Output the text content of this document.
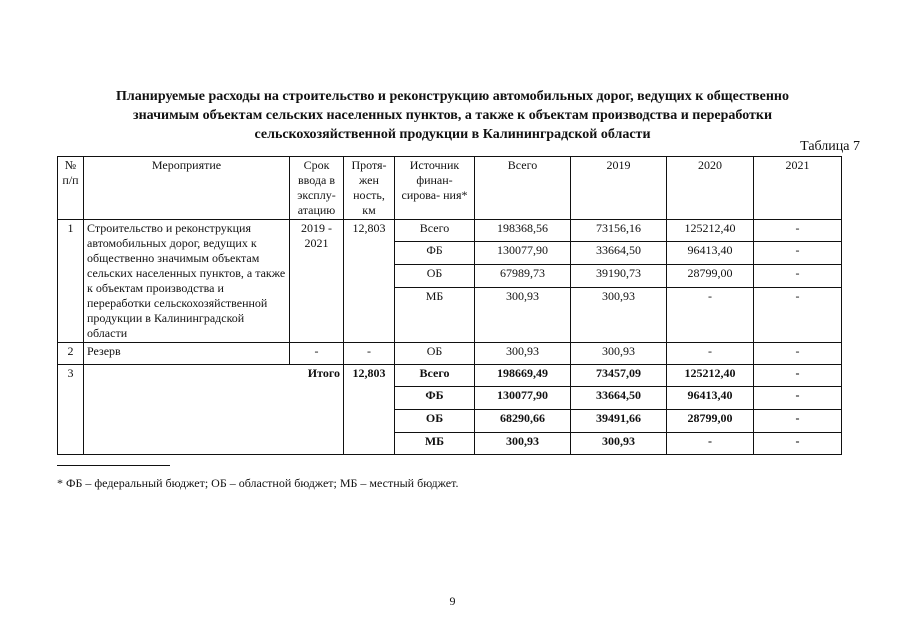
Планируемые расходы на строительство и реконструкцию автомобильных дорог, ведущих к общественно
значимым объектам сельских населенных пунктов, а также к объектам производства и переработки
сельскохозяйственной продукции в Калининградской области
Таблица 7
№ п/п	Мероприятие	Срок ввода в эксплу- атацию	Протя- жен ность, км	Источник финан- сирова- ния*	Всего	2019	2020	2021
1	Строительство и реконструкция автомобильных дорог, ведущих к общественно значимым объектам сельских населенных пунктов, а также к объектам производства и переработки сельскохозяйственной продукции в Калининградской области	2019 - 2021	12,803	Всего	198368,56	73156,16	125212,40	-
				ФБ	130077,90	33664,50	96413,40	-
				ОБ	67989,73	39190,73	28799,00	-
				МБ	300,93	300,93	-	-
2	Резерв	-	-	ОБ	300,93	300,93	-	-
3	Итого		12,803	Всего	198669,49	73457,09	125212,40	-
				ФБ	130077,90	33664,50	96413,40	-
				ОБ	68290,66	39491,66	28799,00	-
				МБ	300,93	300,93	-	-
* ФБ – федеральный бюджет; ОБ – областной бюджет; МБ – местный бюджет.
9
